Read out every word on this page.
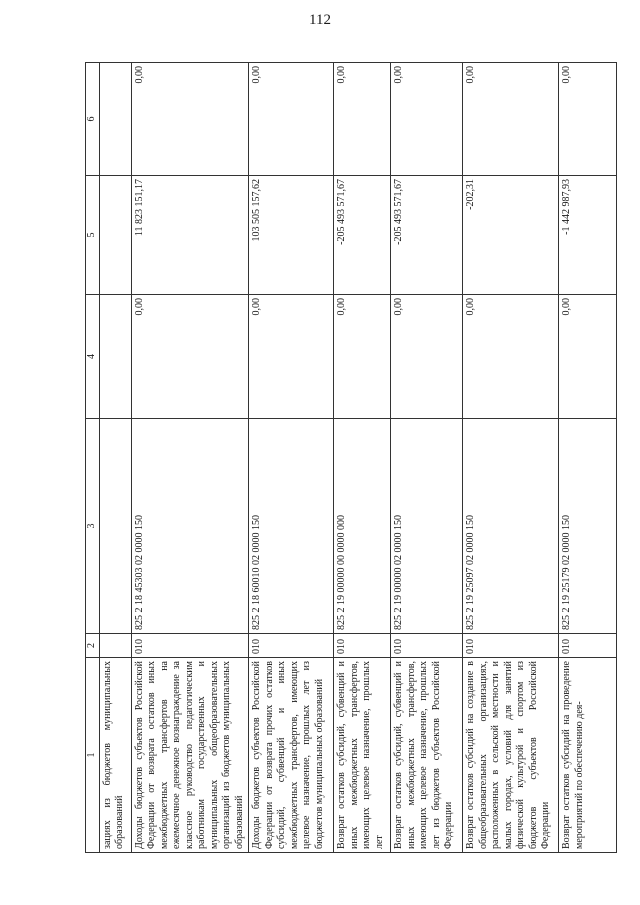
112
1	2	3	4	5	6
зациях из бюджетов муниципальных образований					
Доходы бюджетов субъектов Российской Федерации от возврата остатков иных межбюджетных трансфертов на ежемесячное денежное вознаграждение за классное руководство педагогическим работникам государственных и муниципальных общеобразовательных организаций из бюджетов муниципальных образований	010	825 2 18 45303 02 0000 150	0,00	11 823 151,17	0,00
Доходы бюджетов субъектов Российской Федерации от возврата прочих остатков субсидий, субвенций и иных межбюджетных трансфертов, имеющих целевое назначение, прошлых лет из бюджетов муниципальных образований	010	825 2 18 60010 02 0000 150	0,00	103 505 157,62	0,00
Возврат остатков субсидий, субвенций и иных межбюджетных трансфертов, имеющих целевое назначение, прошлых лет	010	825 2 19 00000 00 0000 000	0,00	-205 493 571,67	0,00
Возврат остатков субсидий, субвенций и иных межбюджетных трансфертов, имеющих целевое назначение, прошлых лет из бюджетов субъектов Российской Федерации	010	825 2 19 00000 02 0000 150	0,00	-205 493 571,67	0,00
Возврат остатков субсидий на создание в общеобразовательных организациях, расположенных в сельской местности и малых городах, условий для занятий физической культурой и спортом из бюджетов субъектов Российской Федерации	010	825 2 19 25097 02 0000 150	0,00	-202,31	0,00
Возврат остатков субсидий на проведение мероприятий по обеспечению дея-	010	825 2 19 25179 02 0000 150	0,00	-1 442 987,93	0,00
